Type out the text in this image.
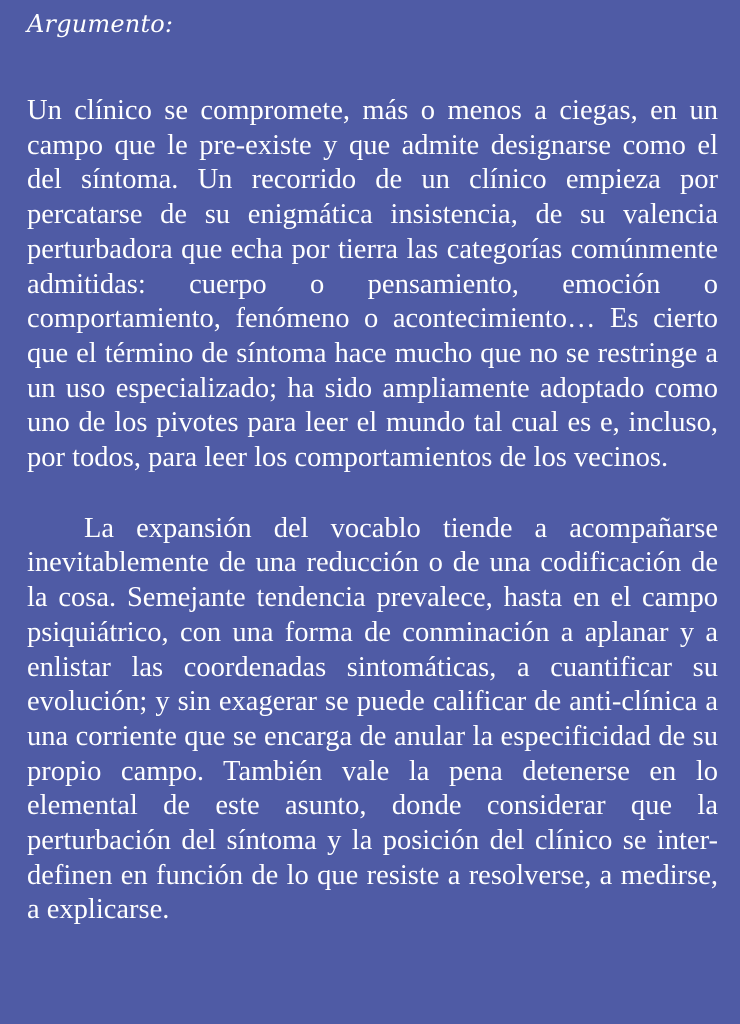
Argumento:

Un clínico se compromete, más o menos a ciegas, en un campo que le pre-existe y que admite designarse como el del síntoma. Un recorrido de un clínico empieza por percatarse de su enigmática insistencia, de su valencia perturbadora que echa por tierra las categorías comúnmente admitidas: cuerpo o pensamiento, emoción o comportamiento, fenómeno o acontecimiento… Es cierto que el término de síntoma hace mucho que no se restringe a un uso especializado; ha sido ampliamente adoptado como uno de los pivotes para leer el mundo tal cual es e, incluso, por todos, para leer los comportamientos de los vecinos.

La expansión del vocablo tiende a acompañarse inevitablemente de una reducción o de una codificación de la cosa. Semejante tendencia prevalece, hasta en el campo psiquiátrico, con una forma de conminación a aplanar y a enlistar las coordenadas sintomáticas, a cuantificar su evolución; y sin exagerar se puede calificar de anti-clínica a una corriente que se encarga de anular la especificidad de su propio campo. También vale la pena detenerse en lo elemental de este asunto, donde considerar que la perturbación del síntoma y la posición del clínico se inter-definen en función de lo que resiste a resolverse, a medirse, a explicarse.
